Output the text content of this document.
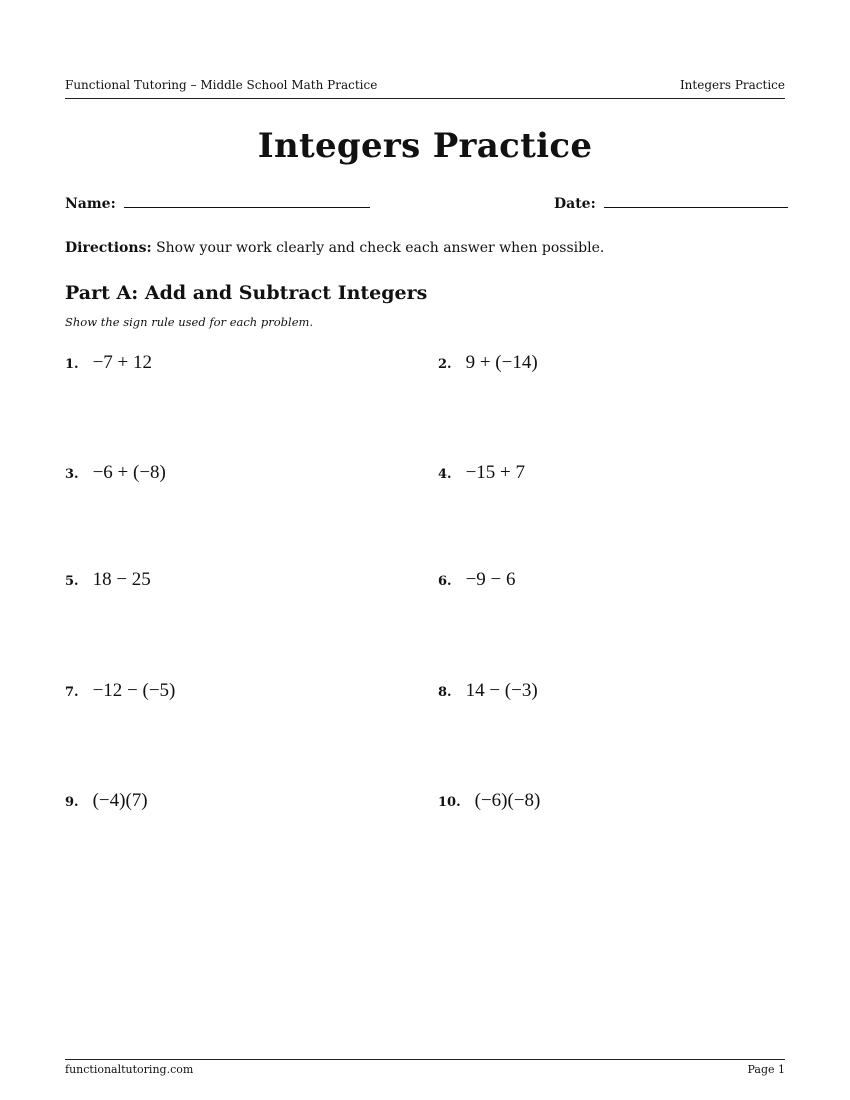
Functional Tutoring – Middle School Math Practice	Integers Practice
Integers Practice
Name:	Date:
Directions: Show your work clearly and check each answer when possible.
Part A: Add and Subtract Integers
Show the sign rule used for each problem.
1. −7 + 12	2. 9 + (−14)
3. −6 + (−8)	4. −15 + 7
5. 18 − 25	6. −9 − 6
7. −12 − (−5)	8. 14 − (−3)
9. (−4)(7)	10. (−6)(−8)
functionaltutoring.com	Page 1
